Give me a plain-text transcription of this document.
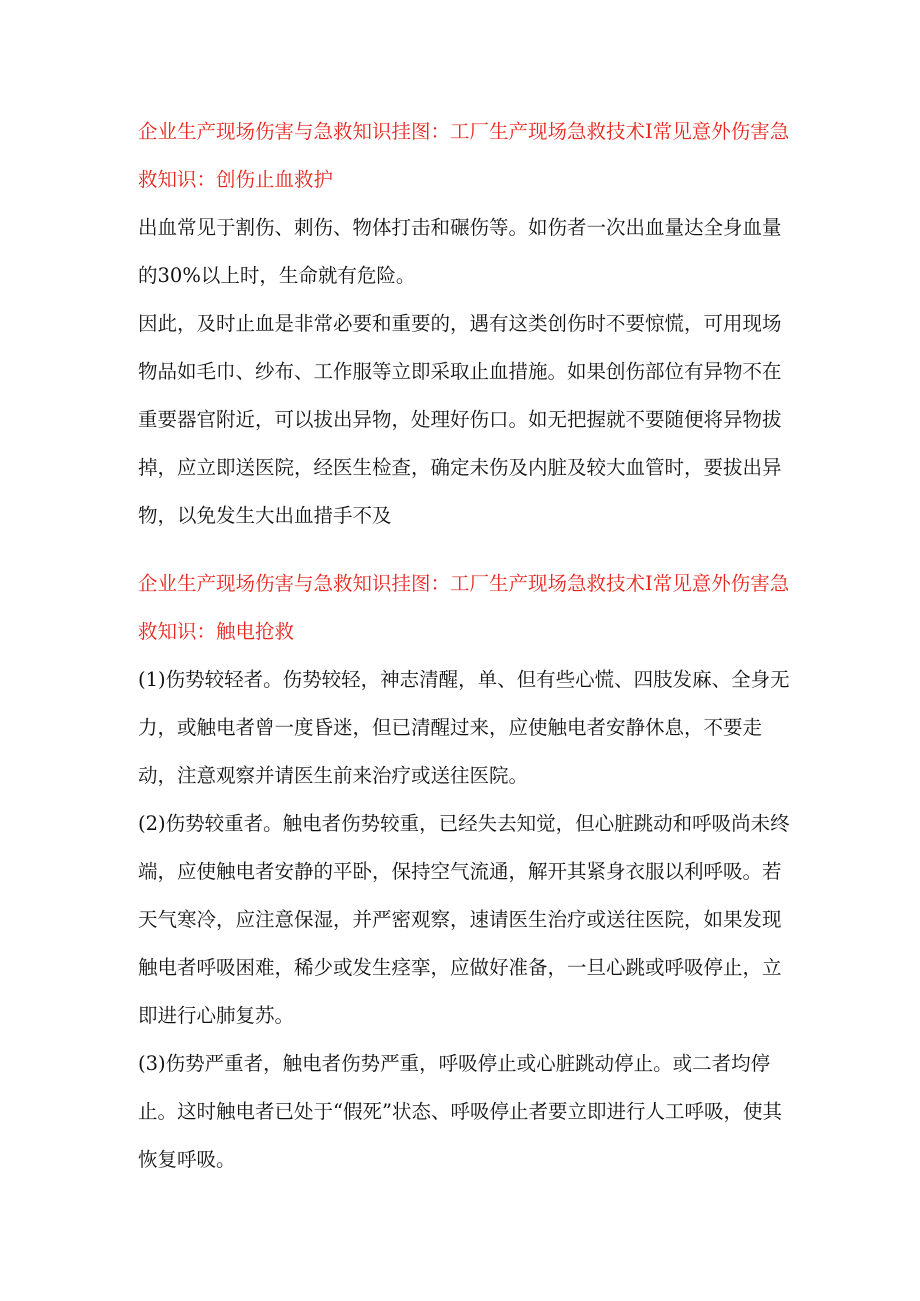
企业生产现场伤害与急救知识挂图：工厂生产现场急救技术I常见意外伤害急救知识：创伤止血救护

出血常见于割伤、刺伤、物体打击和碾伤等。如伤者一次出血量达全身血量的30%以上时，生命就有危险。

因此，及时止血是非常必要和重要的，遇有这类创伤时不要惊慌，可用现场物品如毛巾、纱布、工作服等立即采取止血措施。如果创伤部位有异物不在重要器官附近，可以拔出异物，处理好伤口。如无把握就不要随便将异物拔掉，应立即送医院，经医生检查，确定未伤及内脏及较大血管时，要拔出异物，以免发生大出血措手不及

企业生产现场伤害与急救知识挂图：工厂生产现场急救技术I常见意外伤害急救知识：触电抢救

(1)伤势较轻者。伤势较轻，神志清醒，单、但有些心慌、四肢发麻、全身无力，或触电者曾一度昏迷，但已清醒过来，应使触电者安静休息，不要走动，注意观察并请医生前来治疗或送往医院。

(2)伤势较重者。触电者伤势较重，已经失去知觉，但心脏跳动和呼吸尚未终端，应使触电者安静的平卧，保持空气流通，解开其紧身衣服以利呼吸。若天气寒冷，应注意保湿，并严密观察，速请医生治疗或送往医院，如果发现触电者呼吸困难，稀少或发生痉挛，应做好准备，一旦心跳或呼吸停止，立即进行心肺复苏。

(3)伤势严重者，触电者伤势严重，呼吸停止或心脏跳动停止。或二者均停止。这时触电者已处于“假死”状态、呼吸停止者要立即进行人工呼吸，使其恢复呼吸。
